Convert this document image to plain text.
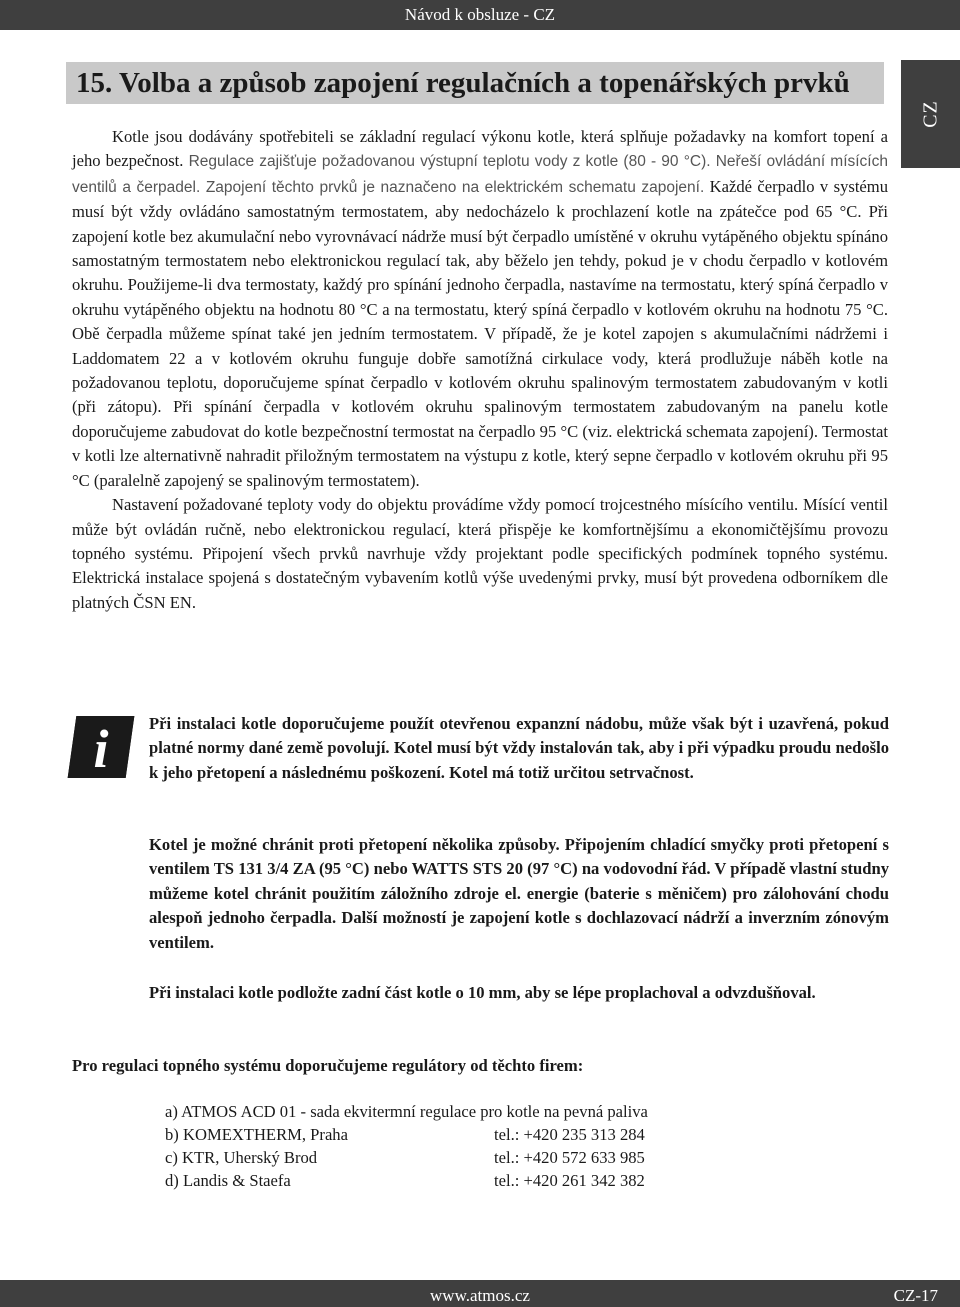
Návod k obsluze - CZ
CZ
15. Volba a způsob zapojení regulačních a topenářských prvků

Kotle jsou dodávány spotřebiteli se základní regulací výkonu kotle, která splňuje požadavky na komfort topení a jeho bezpečnost. Regulace zajišťuje požadovanou výstupní teplotu vody z kotle (80 - 90 °C). Neřeší ovládání mísících ventilů a čerpadel. Zapojení těchto prvků je naznačeno na elektrickém schematu zapojení. Každé čerpadlo v systému musí být vždy ovládáno samostatným termostatem, aby nedocházelo k prochlazení kotle na zpátečce pod 65 °C. Při zapojení kotle bez akumulační nebo vyrovnávací nádrže musí být čerpadlo umístěné v okruhu vytápěného objektu spínáno samostatným termostatem nebo elektronickou regulací tak, aby běželo jen tehdy, pokud je v chodu čerpadlo v kotlovém okruhu. Použijeme-li dva termostaty, každý pro spínání jednoho čerpadla, nastavíme na termostatu, který spíná čerpadlo v okruhu vytápěného objektu na hodnotu 80 °C a na termostatu, který spíná čerpadlo v kotlovém okruhu na hodnotu 75 °C. Obě čerpadla můžeme spínat také jen jedním termostatem. V případě, že je kotel zapojen s akumulačními nádržemi i Laddomatem 22 a v kotlovém okruhu funguje dobře samotížná cirkulace vody, která prodlužuje náběh kotle na požadovanou teplotu, doporučujeme spínat čerpadlo v kotlovém okruhu spalinovým termostatem zabudovaným v kotli (při zátopu). Při spínání čerpadla v kotlovém okruhu spalinovým termostatem zabudovaným na panelu kotle doporučujeme zabudovat do kotle bezpečnostní termostat na čerpadlo 95 °C (viz. elektrická schemata zapojení). Termostat v kotli lze alternativně nahradit přiložným termostatem na výstupu z kotle, který sepne čerpadlo v kotlovém okruhu při 95 °C (paralelně zapojený se spalinovým termostatem).

Nastavení požadované teploty vody do objektu provádíme vždy pomocí trojcestného mísícího ventilu. Mísící ventil může být ovládán ručně, nebo elektronickou regulací, která přispěje ke komfortnějšímu a ekonomičtějšímu provozu topného systému. Připojení všech prvků navrhuje vždy projektant podle specifických podmínek topného systému. Elektrická instalace spojená s dostatečným vybavením kotlů výše uvedenými prvky, musí být provedena odborníkem dle platných ČSN EN.

i	Při instalaci kotle doporučujeme použít otevřenou expanzní nádobu, může však být i uzavřená, pokud platné normy dané země povolují. Kotel musí být vždy instalován tak, aby i při výpadku proudu nedošlo k jeho přetopení a následnému poškození. Kotel má totiž určitou setrvačnost.

Kotel je možné chránit proti přetopení několika způsoby. Připojením chladící smyčky proti přetopení s ventilem TS 131 3/4 ZA (95 °C) nebo WATTS STS 20 (97 °C) na vodovodní řád. V případě vlastní studny můžeme kotel chránit použitím záložního zdroje el. energie (baterie s měničem) pro zálohování chodu alespoň jednoho čerpadla. Další možností je zapojení kotle s dochlazovací nádrží a inverzním zónovým ventilem.

Při instalaci kotle podložte zadní část kotle o 10 mm, aby se lépe proplachoval a odvzdušňoval.

Pro regulaci topného systému doporučujeme regulátory od těchto firem:
a) ATMOS ACD 01 - sada ekvitermní regulace pro kotle na pevná paliva
b) KOMEXTHERM, Praha	tel.: +420 235 313 284
c) KTR, Uherský Brod	tel.: +420 572 633 985
d) Landis & Staefa	tel.: +420 261 342 382
www.atmos.cz	CZ-17
